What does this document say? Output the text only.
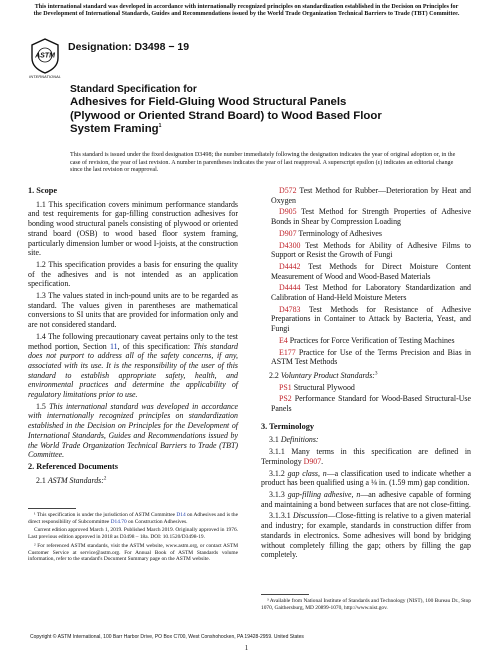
This international standard was developed in accordance with internationally recognized principles on standardization established in the Decision on Principles for the Development of International Standards, Guides and Recommendations issued by the World Trade Organization Technical Barriers to Trade (TBT) Committee.
ASTM
INTERNATIONAL
Designation: D3498 − 19
Standard Specification for
Adhesives for Field-Gluing Wood Structural Panels
(Plywood or Oriented Strand Board) to Wood Based Floor
System Framing$^1$
This standard is issued under the fixed designation D3498; the number immediately following the designation indicates the year of original adoption or, in the case of revision, the year of last revision. A number in parentheses indicates the year of last reapproval. A superscript epsilon (ε) indicates an editorial change since the last revision or reapproval.
1. Scope

1.1 This specification covers minimum performance standards and test requirements for gap-filling construction adhesives for bonding wood structural panels consisting of plywood or oriented strand board (OSB) to wood based floor system framing, particularly dimension lumber or wood I-joists, at the construction site.

1.2 This specification provides a basis for ensuring the quality of the adhesives and is not intended as an application specification.

1.3 The values stated in inch-pound units are to be regarded as standard. The values given in parentheses are mathematical conversions to SI units that are provided for information only and are not considered standard.

1.4 The following precautionary caveat pertains only to the test method portion, Section 11, of this specification: This standard does not purport to address all of the safety concerns, if any, associated with its use. It is the responsibility of the user of this standard to establish appropriate safety, health, and environmental practices and determine the applicability of regulatory limitations prior to use.

1.5 This international standard was developed in accordance with internationally recognized principles on standardization established in the Decision on Principles for the Development of International Standards, Guides and Recommendations issued by the World Trade Organization Technical Barriers to Trade (TBT) Committee.

2. Referenced Documents

2.1 ASTM Standards:$^2$

¹ This specification is under the jurisdiction of ASTM Committee D14 on Adhesives and is the direct responsibility of Subcommittee D14.70 on Construction Adhesives.

Current edition approved March 1, 2019. Published March 2019. Originally approved in 1976. Last previous edition approved in 2018 as D3498 – 18a. DOI: 10.1520/D3498-19.

² For referenced ASTM standards, visit the ASTM website, www.astm.org, or contact ASTM Customer Service at service@astm.org. For Annual Book of ASTM Standards volume information, refer to the standard's Document Summary page on the ASTM website.

D572 Test Method for Rubber—Deterioration by Heat and Oxygen

D905 Test Method for Strength Properties of Adhesive Bonds in Shear by Compression Loading

D907 Terminology of Adhesives

D4300 Test Methods for Ability of Adhesive Films to Support or Resist the Growth of Fungi

D4442 Test Methods for Direct Moisture Content Measurement of Wood and Wood-Based Materials

D4444 Test Method for Laboratory Standardization and Calibration of Hand-Held Moisture Meters

D4783 Test Methods for Resistance of Adhesive Preparations in Container to Attack by Bacteria, Yeast, and Fungi

E4 Practices for Force Verification of Testing Machines

E177 Practice for Use of the Terms Precision and Bias in ASTM Test Methods

2.2 Voluntary Product Standards:$^3$

PS1 Structural Plywood

PS2 Performance Standard for Wood-Based Structural-Use Panels

3. Terminology

3.1 Definitions:

3.1.1 Many terms in this specification are defined in Terminology D907.

3.1.2 gap class, n—a classification used to indicate whether a product has been qualified using a ⅛ in. (1.59 mm) gap condition.

3.1.3 gap-filling adhesive, n—an adhesive capable of forming and maintaining a bond between surfaces that are not close-fitting.

3.1.3.1 Discussion—Close-fitting is relative to a given material and industry; for example, standards in construction differ from standards in electronics. Some adhesives will bond by bridging without completely filling the gap; others by filling the gap completely.

³ Available from National Institute of Standards and Technology (NIST), 100 Bureau Dr., Stop 1070, Gaithersburg, MD 20899-1070, http://www.nist.gov.

Copyright © ASTM International, 100 Barr Harbor Drive, PO Box C700, West Conshohocken, PA 19428-2959. United States
1
